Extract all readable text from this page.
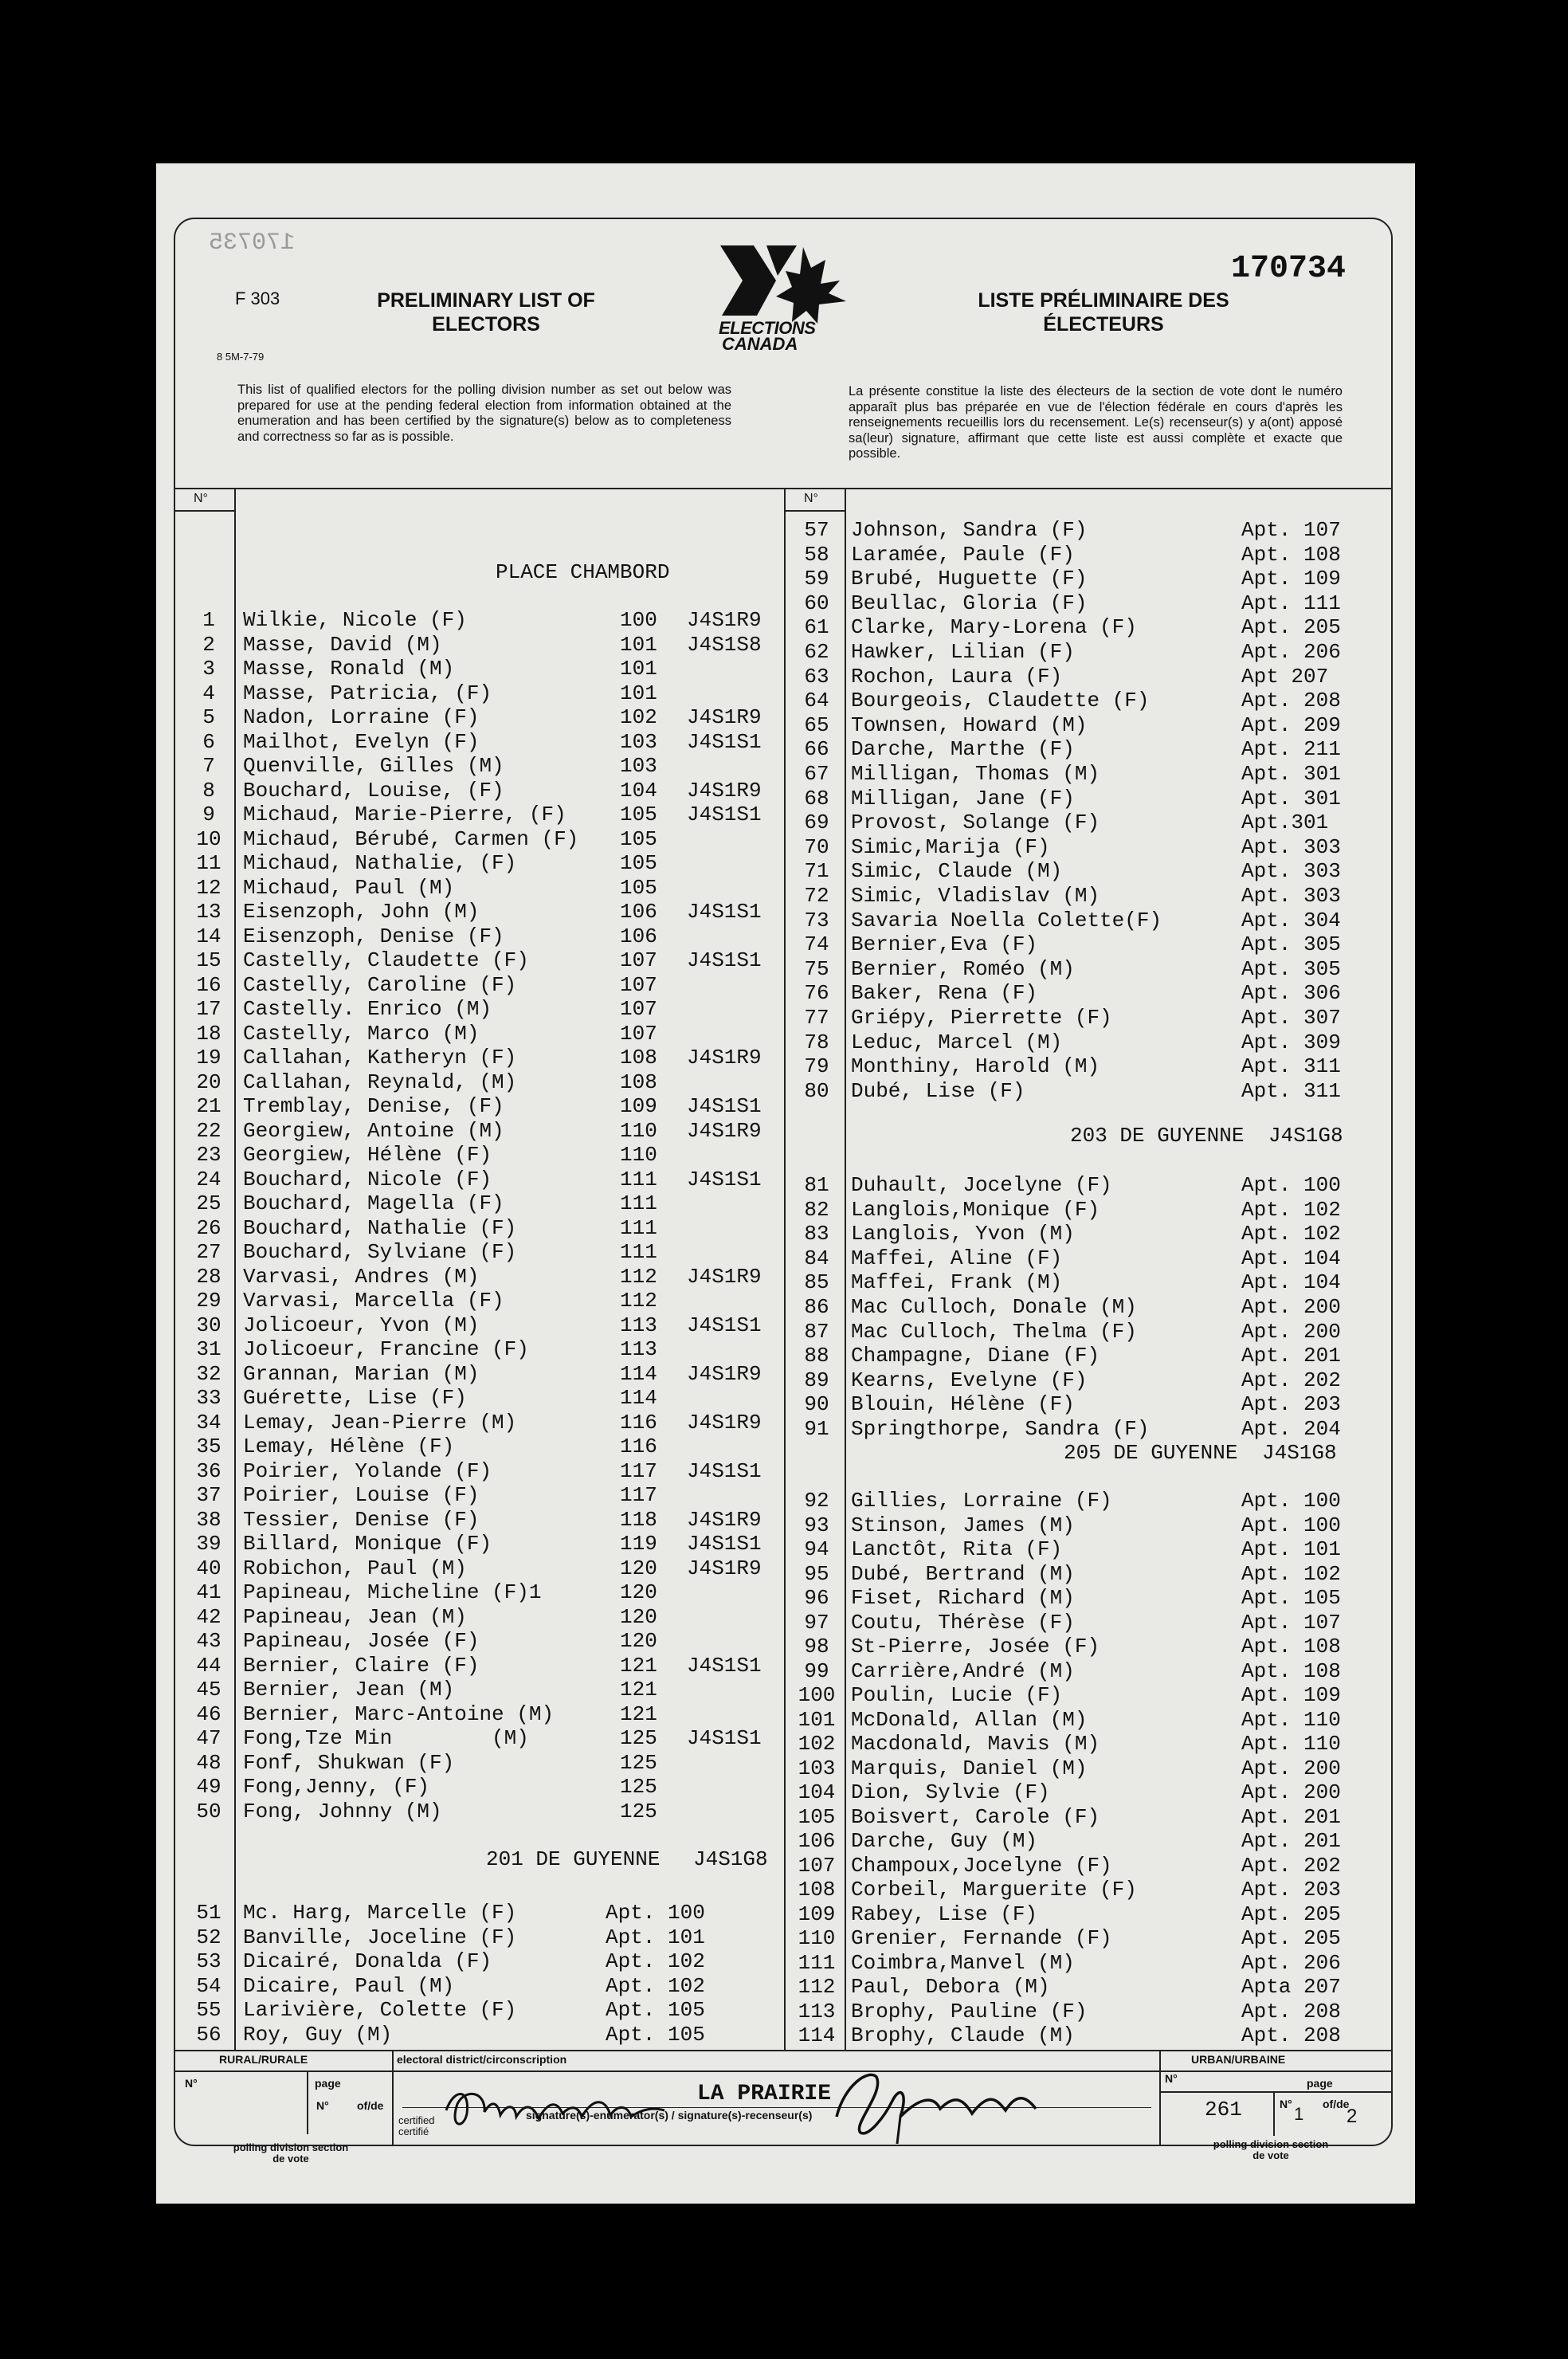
170735
F 303
8 5M-7-79
PRELIMINARY LIST OF ELECTORS	ELECTIONS
CANADA
170734
LISTE PRÉLIMINAIRE DES ÉLECTEURS
This list of qualified electors for the polling division number as set out below was prepared for use at the pending federal election from information obtained at the enumeration and has been certified by the signature(s) below as to completeness and correctness so far as is possible.
La présente constitue la liste des électeurs de la section de vote dont le numéro apparaît plus bas préparée en vue de l'élection fédérale en cours d'après les renseignements recueillis lors du recensement. Le(s) recenseur(s) y a(ont) apposé sa(leur) signature, affirmant que cette liste est aussi complète et exacte que possible.
N°	N°
1	Wilkie, Nicole (F)	100 J4S1R9
2	Masse, David (M)	101 J4S1S8
3	Masse, Ronald (M)	101
4	Masse, Patricia, (F)	101
5	Nadon, Lorraine (F)	102 J4S1R9
6	Mailhot, Evelyn (F)	103 J4S1S1
7	Quenville, Gilles (M)	103
8	Bouchard, Louise, (F)	104 J4S1R9
9	Michaud, Marie-Pierre, (F)	105 J4S1S1
10	Michaud, Bérubé, Carmen (F) 105
11	Michaud, Nathalie, (F)	105
12	Michaud, Paul (M)	105
13	Eisenzoph, John (M)	106 J4S1S1
14	Eisenzoph, Denise (F)	106
15	Castelly, Claudette (F)	107 J4S1S1
16	Castelly, Caroline (F)	107
17	Castelly. Enrico (M)	107
18	Castelly, Marco (M)	107
19	Callahan, Katheryn (F)	108 J4S1R9
20	Callahan, Reynald, (M)	108
21	Tremblay, Denise, (F)	109 J4S1S1
22	Georgiew, Antoine (M)	110 J4S1R9
23	Georgiew, Hélène (F)	110
24	Bouchard, Nicole (F)	111 J4S1S1
25	Bouchard, Magella (F)	111
26	Bouchard, Nathalie (F)	111
27	Bouchard, Sylviane (F)	111
28	Varvasi, Andres (M)	112 J4S1R9
29	Varvasi, Marcella (F)	112
30	Jolicoeur, Yvon (M)	113 J4S1S1
31	Jolicoeur, Francine (F)	113
32	Grannan, Marian (M)	114 J4S1R9
33	Guérette, Lise (F)	114
34	Lemay, Jean-Pierre (M)	116 J4S1R9
35	Lemay, Hélène (F)	116
36	Poirier, Yolande (F)	117 J4S1S1
37	Poirier, Louise (F)	117
38	Tessier, Denise (F)	118 J4S1R9
39	Billard, Monique (F)	119 J4S1S1
40	Robichon, Paul (M)	120 J4S1R9
41	Papineau, Micheline (F)1	120
42	Papineau, Jean (M)	120
43	Papineau, Josée (F)	120
44	Bernier, Claire (F)	121 J4S1S1
45	Bernier, Jean (M)	121
46	Bernier, Marc-Antoine (M)	121
47	Fong,Tze Min        (M)	125 J4S1S1
48	Fonf, Shukwan (F)	125
49	Fong,Jenny, (F)	125
50	Fong, Johnny (M)	125
51	Mc. Harg, Marcelle (F)	Apt. 100
52	Banville, Joceline (F)	Apt. 101
53	Dicairé, Donalda (F)	Apt. 102
54	Dicaire, Paul (M)	Apt. 102
55	Larivière, Colette (F)	Apt. 105
56	Roy, Guy (M)	Apt. 105
57	Johnson, Sandra (F)	Apt. 107
58	Laramée, Paule (F)	Apt. 108
59	Brubé, Huguette (F)	Apt. 109
60	Beullac, Gloria (F)	Apt. 111
61	Clarke, Mary-Lorena (F)	Apt. 205
62	Hawker, Lilian (F)	Apt. 206
63	Rochon, Laura (F)	Apt 207
64	Bourgeois, Claudette (F)	Apt. 208
65	Townsen, Howard (M)	Apt. 209
66	Darche, Marthe (F)	Apt. 211
67	Milligan, Thomas (M)	Apt. 301
68	Milligan, Jane (F)	Apt. 301
69	Provost, Solange (F)	Apt.301
70	Simic,Marija (F)	Apt. 303
71	Simic, Claude (M)	Apt. 303
72	Simic, Vladislav (M)	Apt. 303
73	Savaria Noella Colette(F)	Apt. 304
74	Bernier,Eva (F)	Apt. 305
75	Bernier, Roméo (M)	Apt. 305
76	Baker, Rena (F)	Apt. 306
77	Griépy, Pierrette (F)	Apt. 307
78	Leduc, Marcel (M)	Apt. 309
79	Monthiny, Harold (M)	Apt. 311
80	Dubé, Lise (F)	Apt. 311
81	Duhault, Jocelyne (F)	Apt. 100
82	Langlois,Monique (F)	Apt. 102
83	Langlois, Yvon (M)	Apt. 102
84	Maffei, Aline (F)	Apt. 104
85	Maffei, Frank (M)	Apt. 104
86	Mac Culloch, Donale (M)	Apt. 200
87	Mac Culloch, Thelma (F)	Apt. 200
88	Champagne, Diane (F)	Apt. 201
89	Kearns, Evelyne (F)	Apt. 202
90	Blouin, Hélène (F)	Apt. 203
91	Springthorpe, Sandra (F)	Apt. 204
92	Gillies, Lorraine (F)	Apt. 100
93	Stinson, James (M)	Apt. 100
94	Lanctôt, Rita (F)	Apt. 101
95	Dubé, Bertrand (M)	Apt. 102
96	Fiset, Richard (M)	Apt. 105
97	Coutu, Thérèse (F)	Apt. 107
98	St-Pierre, Josée (F)	Apt. 108
99	Carrière,André (M)	Apt. 108
100 Poulin, Lucie (F)	Apt. 109
101 McDonald, Allan (M)	Apt. 110
102 Macdonald, Mavis (M)	Apt. 110
103 Marquis, Daniel (M)	Apt. 200
104 Dion, Sylvie (F)	Apt. 200
105 Boisvert, Carole (F)	Apt. 201
106 Darche, Guy (M)	Apt. 201
107 Champoux,Jocelyne (F)	Apt. 202
108 Corbeil, Marguerite (F)	Apt. 203
109 Rabey, Lise (F)	Apt. 205
110 Grenier, Fernande (F)	Apt. 205
111 Coimbra,Manvel (M)	Apt. 206
112 Paul, Debora (M)	Apta 207
113 Brophy, Pauline (F)	Apt. 208
114 Brophy, Claude (M)	Apt. 208
PLACE CHAMBORD
201 DE GUYENNE J4S1G8
203 DE GUYENNE J4S1G8
205 DE GUYENNE J4S1G8
RURAL/RURALE	electoral district/circonscription	URBAN/URBAINE
N°	page
N°	of/de
polling division section de vote
certified certifié
LA PRAIRIE
signature(s)-enumerator(s) / signature(s)-recenseur(s)
N°	page
261	N° 1 of/de
2
polling division section de vote
